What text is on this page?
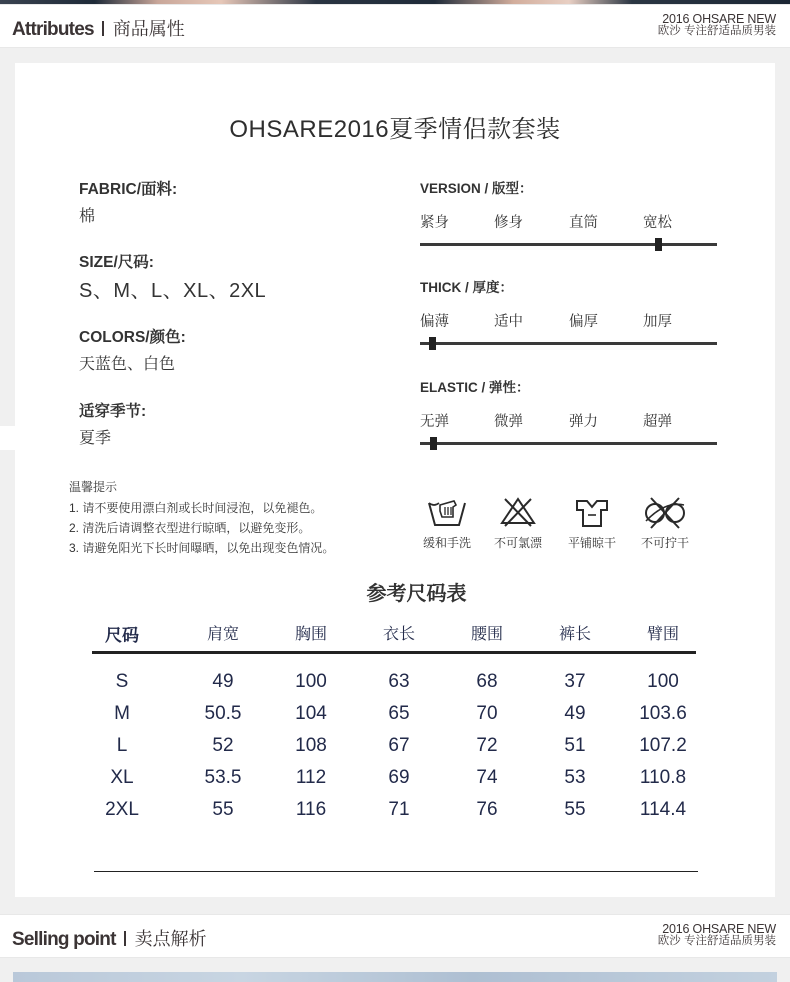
Attributes 商品属性	2016 OHSARE NEW
欧沙 专注舒适品质男装
OHSARE2016夏季情侣款套装
FABRIC/面料:
棉
SIZE/尺码:
S、M、L、XL、2XL
COLORS/颜色:
天蓝色、白色
适穿季节:
夏季
VERSION / 版型：
紧身	修身	直筒	宽松
THICK / 厚度：
偏薄	适中	偏厚	加厚
ELASTIC / 弹性：
无弹	微弹	弹力	超弹
温馨提示
1. 请不要使用漂白剂或长时间浸泡，以免褪色。
2. 清洗后请调整衣型进行晾晒，以避免变形。
3. 请避免阳光下长时间曝晒，以免出现变色情况。	缓和手洗	不可氯漂	平铺晾干	不可拧干
参考尺码表
尺码	肩宽	胸围	衣长	腰围	裤长	臂围
S	49	100	63	68	37	100
M	50.5	104	65	70	49	103.6
L	52	108	67	72	51	107.2
XL	53.5	112	69	74	53	110.8
2XL	55	116	71	76	55	114.4
Selling point 卖点解析	2016 OHSARE NEW
欧沙 专注舒适品质男装
